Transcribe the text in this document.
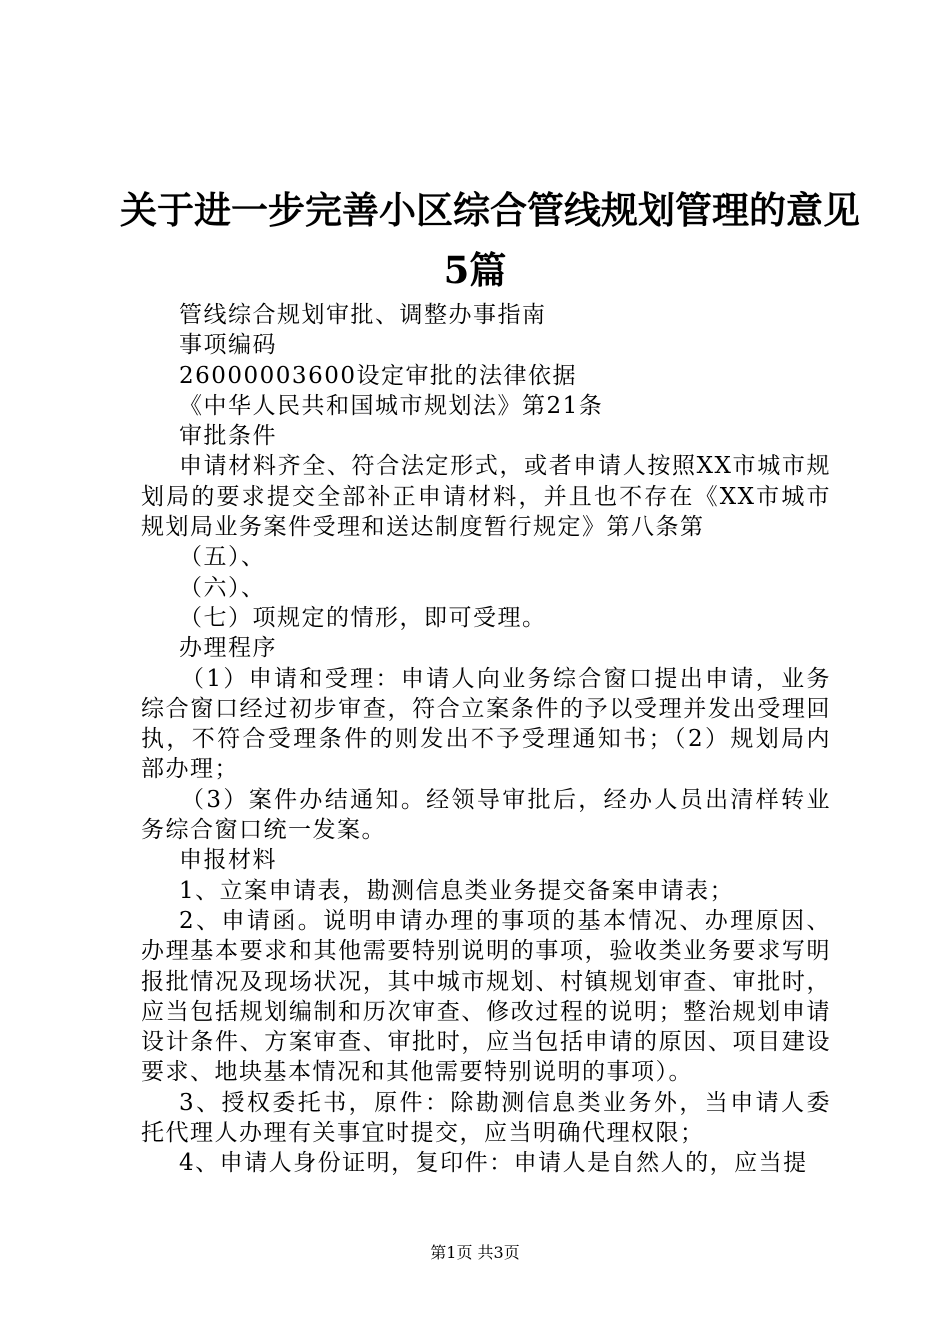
关于进一步完善小区综合管线规划管理的意见
5篇

管线综合规划审批、调整办事指南

事项编码

26000003600设定审批的法律依据

《中华人民共和国城市规划法》第21条

审批条件

申请材料齐全、符合法定形式，或者申请人按照XX市城市规划局的要求提交全部补正申请材料，并且也不存在《XX市城市规划局业务案件受理和送达制度暂行规定》第八条第

（五）、

（六）、

（七）项规定的情形，即可受理。

办理程序

（1）申请和受理：申请人向业务综合窗口提出申请，业务综合窗口经过初步审查，符合立案条件的予以受理并发出受理回执，不符合受理条件的则发出不予受理通知书；（2）规划局内部办理；

（3）案件办结通知。经领导审批后，经办人员出清样转业务综合窗口统一发案。

申报材料

1、立案申请表，勘测信息类业务提交备案申请表；

2、申请函。说明申请办理的事项的基本情况、办理原因、办理基本要求和其他需要特别说明的事项，验收类业务要求写明报批情况及现场状况，其中城市规划、村镇规划审查、审批时，应当包括规划编制和历次审查、修改过程的说明；整治规划申请设计条件、方案审查、审批时，应当包括申请的原因、项目建设要求、地块基本情况和其他需要特别说明的事项）。

3、授权委托书，原件：除勘测信息类业务外，当申请人委托代理人办理有关事宜时提交，应当明确代理权限；

4、申请人身份证明，复印件：申请人是自然人的，应当提

第1页 共3页
